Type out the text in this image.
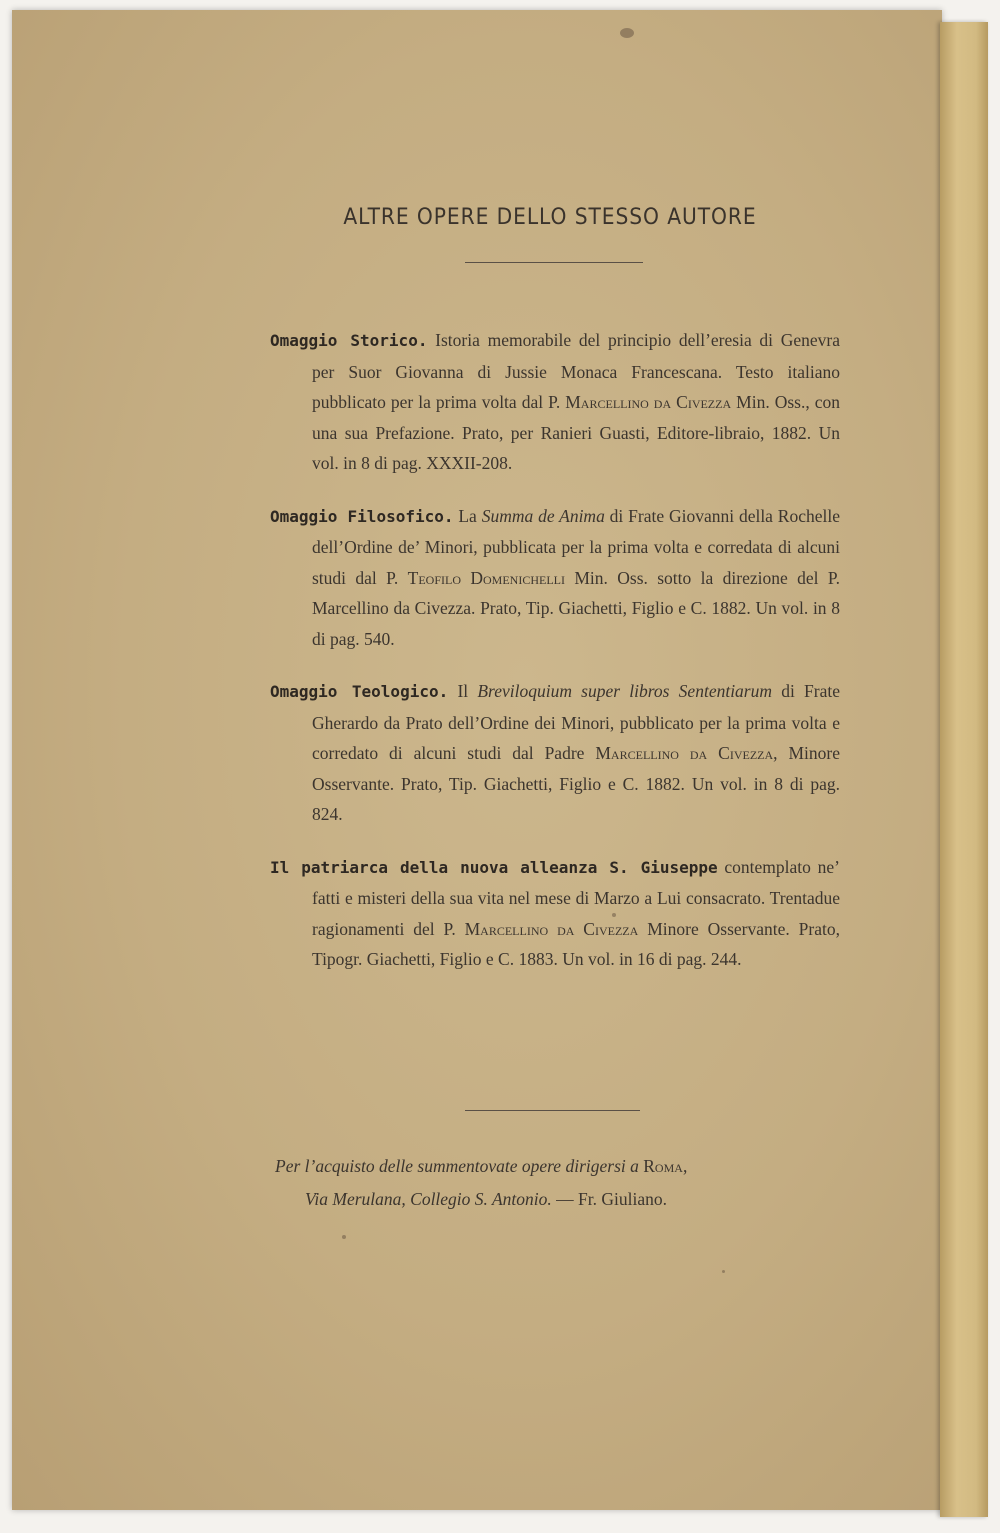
ALTRE OPERE DELLO STESSO AUTORE
Omaggio Storico. Istoria memorabile del principio dell’eresia di Genevra per Suor Giovanna di Jussie Monaca Francescana. Testo italiano pubblicato per la prima volta dal P. Marcellino da Civezza Min. Oss., con una sua Prefazione. Prato, per Ranieri Guasti, Editore-libraio, 1882. Un vol. in 8 di pag. XXXII-208.
Omaggio Filosofico. La Summa de Anima di Frate Giovanni della Rochelle dell’Ordine de’ Minori, pubblicata per la prima volta e corredata di alcuni studi dal P. Teofilo Domenichelli Min. Oss. sotto la direzione del P. Marcellino da Civezza. Prato, Tip. Giachetti, Figlio e C. 1882. Un vol. in 8 di pag. 540.
Omaggio Teologico. Il Breviloquium super libros Sententiarum di Frate Gherardo da Prato dell’Ordine dei Minori, pubblicato per la prima volta e corredato di alcuni studi dal Padre Marcellino da Civezza, Minore Osservante. Prato, Tip. Giachetti, Figlio e C. 1882. Un vol. in 8 di pag. 824.
Il patriarca della nuova alleanza S. Giuseppe contemplato ne’ fatti e misteri della sua vita nel mese di Marzo a Lui consacrato. Trentadue ragionamenti del P. Marcellino da Civezza Minore Osservante. Prato, Tipogr. Giachetti, Figlio e C. 1883. Un vol. in 16 di pag. 244.
Per l’acquisto delle summentovate opere dirigersi a Roma,
Via Merulana, Collegio S. Antonio. — Fr. Giuliano.
